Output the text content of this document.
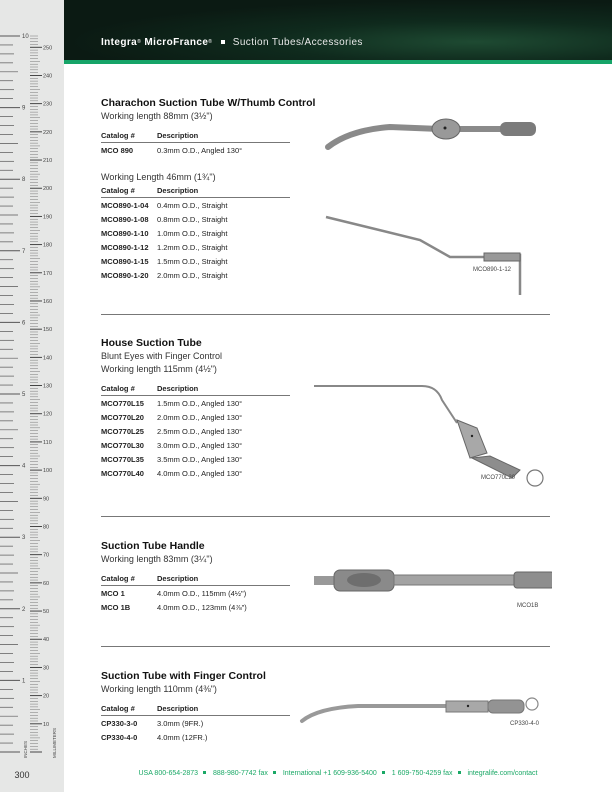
1
2
3
4
5
6
7
8
9
10
10
20
30
40
50
60
70
80
90
100
110
120
130
140
150
160
170
180
190
200
210
220
230
240
250
INCHES	MILLIMETERS
300
Integra® MicroFrance® Suction Tubes/Accessories
Charachon Suction Tube W/Thumb Control
Working length 88mm (3½")
Catalog #	Description
MCO 890	0.3mm O.D., Angled 130°
Working Length 46mm (1¾")
Catalog #	Description
MCO890-1-04	0.4mm O.D., Straight
MCO890-1-08	0.8mm O.D., Straight
MCO890-1-10	1.0mm O.D., Straight
MCO890-1-12	1.2mm O.D., Straight
MCO890-1-15	1.5mm O.D., Straight
MCO890-1-20	2.0mm O.D., Straight
MCO890-1-12
House Suction Tube
Blunt Eyes with Finger Control
Working length 115mm (4½")
Catalog #	Description
MCO770L15	1.5mm O.D., Angled 130°
MCO770L20	2.0mm O.D., Angled 130°
MCO770L25	2.5mm O.D., Angled 130°
MCO770L30	3.0mm O.D., Angled 130°
MCO770L35	3.5mm O.D., Angled 130°
MCO770L40	4.0mm O.D., Angled 130°	MCO770L20
Suction Tube Handle
Working length 83mm (3¼")
Catalog #	Description
MCO 1	4.0mm O.D., 115mm (4½")
MCO 1B	4.0mm O.D., 123mm (4⅞")	MCO1B
Suction Tube with Finger Control
Working length 110mm (4⅜")
Catalog #	Description
CP330-3-0	3.0mm (9FR.)
CP330-4-0	4.0mm (12FR.)
CP330-4-0
USA 800-654-2873 888-980-7742 fax International +1 609-936-5400 1 609-750-4259 fax integralife.com/contact
